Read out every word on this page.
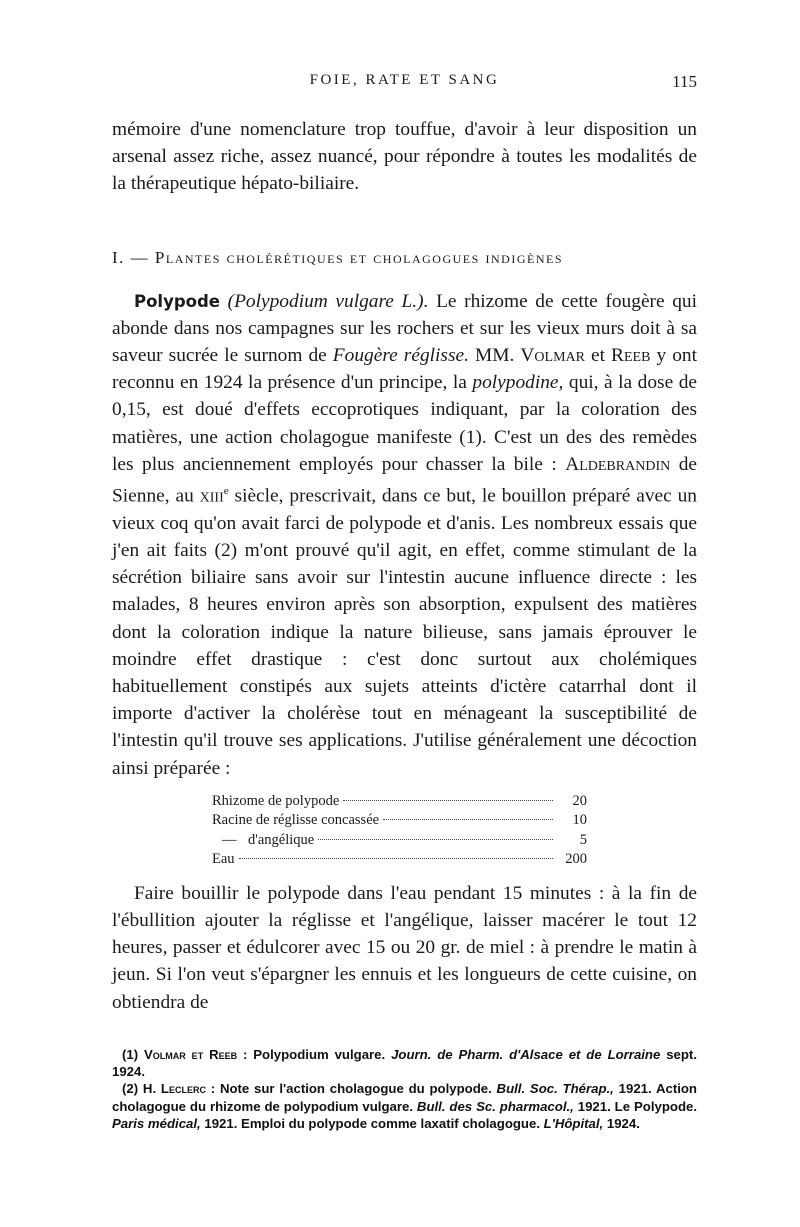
FOIE, RATE ET SANG	115

mémoire d'une nomenclature trop touffue, d'avoir à leur disposition un arsenal assez riche, assez nuancé, pour répondre à toutes les modalités de la thérapeutique hépato-biliaire.

I. — Plantes cholérétiques et cholagogues indigènes

Polypode (Polypodium vulgare L.). Le rhizome de cette fougère qui abonde dans nos campagnes sur les rochers et sur les vieux murs doit à sa saveur sucrée le surnom de Fougère réglisse. MM. Volmar et Reeb y ont reconnu en 1924 la présence d'un principe, la polypodine, qui, à la dose de 0,15, est doué d'effets eccoprotiques indiquant, par la coloration des matières, une action cholagogue manifeste (1). C'est un des des remèdes les plus anciennement employés pour chasser la bile : Aldebrandin de Sienne, au xiii$^e$ siècle, prescrivait, dans ce but, le bouillon préparé avec un vieux coq qu'on avait farci de polypode et d'anis. Les nombreux essais que j'en ait faits (2) m'ont prouvé qu'il agit, en effet, comme stimulant de la sécrétion biliaire sans avoir sur l'intestin aucune influence directe : les malades, 8 heures environ après son absorption, expulsent des matières dont la coloration indique la nature bilieuse, sans jamais éprouver le moindre effet drastique : c'est donc surtout aux cholémiques habituellement constipés aux sujets atteints d'ictère catarrhal dont il importe d'activer la cholérèse tout en ménageant la susceptibilité de l'intestin qu'il trouve ses applications. J'utilise généralement une décoction ainsi préparée :

Rhizome de polypode	20
Racine de réglisse concassée	10
— d'angélique	5
Eau	200

Faire bouillir le polypode dans l'eau pendant 15 minutes : à la fin de l'ébullition ajouter la réglisse et l'angélique, laisser macérer le tout 12 heures, passer et édulcorer avec 15 ou 20 gr. de miel : à prendre le matin à jeun. Si l'on veut s'épargner les ennuis et les longueurs de cette cuisine, on obtiendra de

(1) Volmar et Reeb : Polypodium vulgare. Journ. de Pharm. d'Alsace et de Lorraine sept. 1924.

(2) H. Leclerc : Note sur l'action cholagogue du polypode. Bull. Soc. Thérap., 1921. Action cholagogue du rhizome de polypodium vulgare. Bull. des Sc. pharmacol., 1921. Le Polypode. Paris médical, 1921. Emploi du polypode comme laxatif cholagogue. L'Hôpital, 1924.
